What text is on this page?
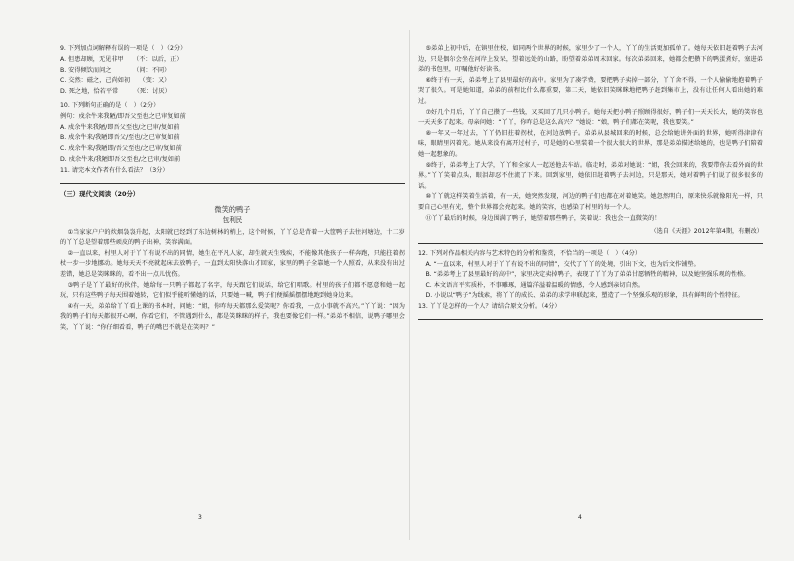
9. 下列加点词解释有误的一项是（　）（2分）
A. 但患却顾，无见非甲　　（不：以后，正）
B. 安得倾饮而问之　　　　（问：不同）
C. 交然：磁之，己尚如初　　（变：又）
D. 死之地，恰若平常　　　（死：讨厌）
10. 下列断句正确的是（　）（2分）
例句：戍余牛来我陋/即吾父至也之已审复如前
A. 戍余牛来我陋/即吾父至也/之已审/复如前
B. 戍余牛来/我陋即吾父/至也/之已审复如前
C. 戍余牛来/我陋即/吾父至也/之已审/复如前
D. 戍余牛来/我陋即吾父至也/之已审/复如前
11. 请完本文作者有什么看法？（3分）
（三）现代文阅读（20分）
微笑的鸭子
包利民

①当家家户户的炊烟袅袅升起，太阳就已经到了东边树林的梢上，这个时候，丫丫总是背着一大筐鸭子去往河塘边，十二岁的丫丫总是望着那些顽皮的鸭子出神，笑容满面。

②一直以来，村里人对于丫丫有说不出的同情，她生在平凡人家，却生就天生残疾，不能像其他孩子一样奔跑，只能拄着拐杖一步一步地挪动。她每天天不亮就起床去放鸭子，一直到太阳快落山才回家，家里的鸭子全靠她一个人照看，从来没有出过差错，她总是笑眯眯的，看不出一点儿忧伤。

③鸭子是丫丫最好的伙伴，她给每一只鸭子都起了名字，每天跟它们说话，给它们唱歌。村里的孩子们都不愿意和她一起玩，只有这些鸭子每天围着她转，它们似乎能听懂她的话，只要她一喊，鸭子们便摇摇摆摆地跑到她身边来。

④有一天，弟弟给丫丫看上课的书本时，问她：“姐，你咋每天都那么爱笑呢？你看我，一点小事就不高兴。”丫丫说：“因为我的鸭子们每天都很开心啊，你看它们，不管遇到什么，都是笑眯眯的样子，我也要像它们一样。”弟弟不相信，说鸭子哪里会笑，丫丫说：“你仔细看看，鸭子的嘴巴不就是在笑吗？”

3

⑤弟弟上初中后，在镇里住校，如同两个世界的时候，家里少了一个人，丫丫的生活更加孤单了。她每天依旧赶着鸭子去河边，只是偶尔会坐在河岸上发呆，望着远处的山路，盼望着弟弟周末回家。每次弟弟回来，她都会把攒下的鸭蛋煮好，塞进弟弟的书包里，叮嘱他好好读书。

⑥终于有一天，弟弟考上了县里最好的高中。家里为了凑学费，要把鸭子卖掉一部分，丫丫舍不得，一个人偷偷地抱着鸭子哭了很久。可是她知道，弟弟的前程比什么都重要，第二天，她依旧笑眯眯地把鸭子赶到集市上，没有让任何人看出她的难过。

⑦好几个月后，丫丫自己攒了一些钱，又买回了几只小鸭子。她每天把小鸭子照顾得很好，鸭子们一天天长大，她的笑容也一天天多了起来。母亲问她：“丫丫，你咋总是这么高兴？”她说：“娘，鸭子们都在笑呢，我也要笑。”

⑧一年又一年过去，丫丫仍旧拄着拐杖，在河边放鸭子。弟弟从县城回来的时候，总会给她讲外面的世界，她听得津津有味，眼睛里闪着光。她从来没有离开过村子，可是她的心里装着一个很大很大的世界，那是弟弟描述给她的，也是鸭子们陪着她一起想象的。

⑨终于，弟弟考上了大学，丫丫和全家人一起送他去车站。临走时，弟弟对她说：“姐，我会回来的，我要带你去看外面的世界。”丫丫笑着点头，眼泪却忍不住流了下来。回到家里，她依旧赶着鸭子去河边，只是那天，她对着鸭子们说了很多很多的话。

⑩丫丫就这样笑着生活着，有一天，她突然发现，河边的鸭子们也都在对着她笑。她忽然明白，原来快乐就像阳光一样，只要自己心里有光，整个世界都会亮起来。她的笑容，也感染了村里的每一个人。

⑪丫丫最后的时候，身边围满了鸭子，她望着那些鸭子，笑着说：我也会一直微笑的！

（选自《天涯》2012年第4期，有删改）
12. 下列对作品相关内容与艺术特色的分析和鉴赏，不恰当的一项是（　）（4分）

A. “一直以来，村里人对于丫丫有说不出的同情”，交代了丫丫的处境，引出下文，也为后文作铺垫。

B. “弟弟考上了县里最好的高中”，家里决定卖掉鸭子，表现了丫丫为了弟弟甘愿牺牲的精神，以及她坚强乐观的性格。

C. 本文语言平实质朴，不事雕琢，通篇洋溢着温暖的情感，令人感到亲切自然。

D. 小说以“鸭子”为线索，将丫丫的成长、弟弟的求学串联起来，塑造了一个坚强乐观的形象，具有鲜明的个性特征。

13. 丫丫是怎样的一个人？请结合原文分析。（4分）
4
